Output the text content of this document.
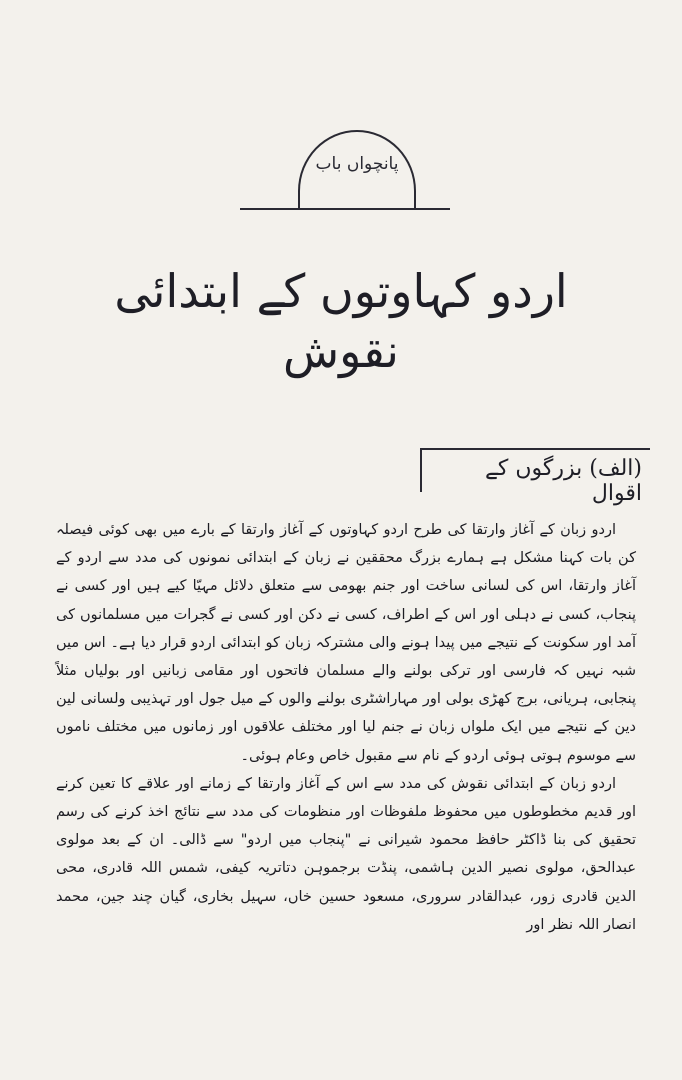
پانچواں باب
اردو کہاوتوں کے ابتدائی نقوش
(الف) بزرگوں کے اقوال

اردو زبان کے آغاز وارتقا کی طرح اردو کہاوتوں کے آغاز وارتقا کے بارے میں بھی کوئی فیصلہ کن بات کہنا مشکل ہے ہمارے بزرگ محققین نے زبان کے ابتدائی نمونوں کی مدد سے اردو کے آغاز وارتقا، اس کی لسانی ساخت اور جنم بھومی سے متعلق دلائل مہیّا کیے ہیں اور کسی نے پنجاب، کسی نے دہلی اور اس کے اطراف، کسی نے دکن اور کسی نے گجرات میں مسلمانوں کی آمد اور سکونت کے نتیجے میں پیدا ہونے والی مشترکہ زبان کو ابتدائی اردو قرار دیا ہے۔ اس میں شبہ نہیں کہ فارسی اور ترکی بولنے والے مسلمان فاتحوں اور مقامی زبانیں اور بولیاں مثلاً پنجابی، ہریانی، برج کھڑی بولی اور مہاراشٹری بولنے والوں کے میل جول اور تہذیبی ولسانی لین دین کے نتیجے میں ایک ملواں زبان نے جنم لیا اور مختلف علاقوں اور زمانوں میں مختلف ناموں سے موسوم ہوتی ہوئی اردو کے نام سے مقبول خاص وعام ہوئی۔

اردو زبان کے ابتدائی نقوش کی مدد سے اس کے آغاز وارتقا کے زمانے اور علاقے کا تعین کرنے اور قدیم مخطوطوں میں محفوظ ملفوظات اور منظومات کی مدد سے نتائج اخذ کرنے کی رسم تحقیق کی بنا ڈاکٹر حافظ محمود شیرانی نے "پنجاب میں اردو" سے ڈالی۔ ان کے بعد مولوی عبدالحق، مولوی نصیر الدین ہاشمی، پنڈت برجموہن دتاتریہ کیفی، شمس اللہ قادری، محی الدین قادری زور، عبدالقادر سروری، مسعود حسین خاں، سہیل بخاری، گیان چند جین، محمد انصار اللہ نظر اور
